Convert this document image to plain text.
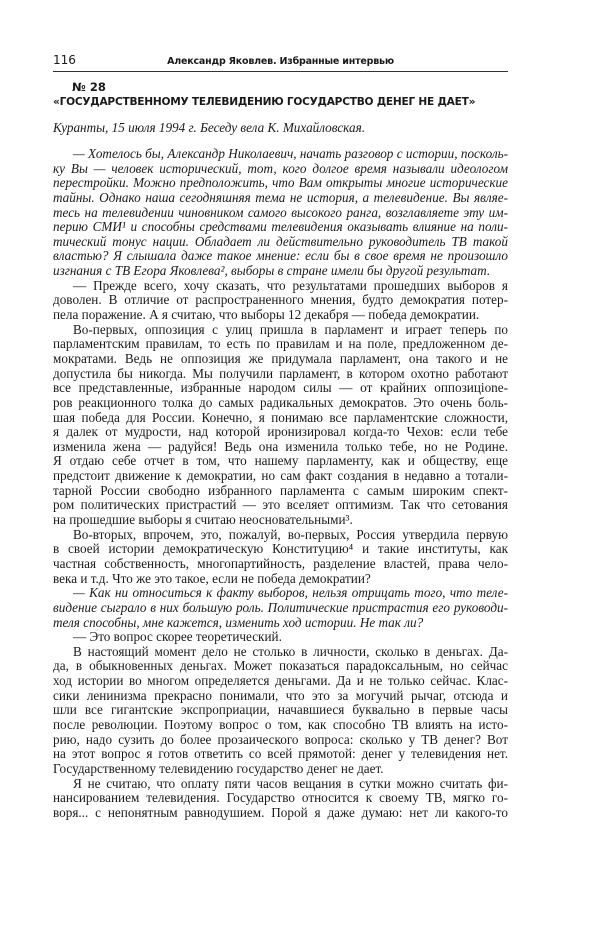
116	Александр Яковлев. Избранные интервью
№ 28
«ГОСУДАРСТВЕННОМУ ТЕЛЕВИДЕНИЮ ГОСУДАРСТВО ДЕНЕГ НЕ ДАЕТ»
Куранты, 15 июля 1994 г. Беседу вела К. Михайловская.
— Хотелось бы, Александр Николаевич, начать разговор с истории, посколь-
ку Вы — человек исторический, тот, кого долгое время называли идеологом
перестройки. Можно предположить, что Вам открыты многие исторические
тайны. Однако наша сегодняшняя тема не история, а телевидение. Вы являе-
тесь на телевидении чиновником самого высокого ранга, возглавляете эту им-
перию СМИ¹ и способны средствами телевидения оказывать влияние на поли-
тический тонус нации. Обладает ли действительно руководитель ТВ такой
властью? Я слышала даже такое мнение: если бы в свое время не произошло
изгнания с ТВ Егора Яковлева², выборы в стране имели бы другой результат.
— Прежде всего, хочу сказать, что результатами прошедших выборов я
доволен. В отличие от распространенного мнения, будто демократия потер-
пела поражение. А я считаю, что выборы 12 декабря — победа демократии.
Во-первых, оппозиция с улиц пришла в парламент и играет теперь по
парламентским правилам, то есть по правилам и на поле, предложенном де-
мократами. Ведь не оппозиция же придумала парламент, она такого и не
допустила бы никогда. Мы получили парламент, в котором охотно работают
все представленные, избранные народом силы — от крайних оппозицione-
ров реакционного толка до самых радикальных демократов. Это очень боль-
шая победа для России. Конечно, я понимаю все парламентские сложности,
я далек от мудрости, над которой иронизировал когда-то Чехов: если тебе
изменила жена — радуйся! Ведь она изменила только тебе, но не Родине.
Я отдаю себе отчет в том, что нашему парламенту, как и обществу, еще
предстоит движение к демократии, но сам факт создания в недавно a тотали-
тарной России свободно избранного парламента с самым широким спект-
ром политических пристрастий — это вселяет оптимизм. Так что сетования
на прошедшие выборы я считаю неосновательными³.
Во-вторых, впрочем, это, пожалуй, во-первых, Россия утвердила первую
в своей истории демократическую Конституцию⁴ и такие институты, как
частная собственность, многопартийность, разделение властей, права чело-
века и т.д. Что же это такое, если не победа демократии?
— Как ни относиться к факту выборов, нельзя отрицать того, что теле-
видение сыграло в них большую роль. Политические пристрастия его руководи-
теля способны, мне кажется, изменить ход истории. Не так ли?
— Это вопрос скорее теоретический.
В настоящий момент дело не столько в личности, сколько в деньгах. Да-
да, в обыкновенных деньгах. Может показаться парадоксальным, но сейчас
ход истории во многом определяется деньгами. Да и не только сейчас. Клас-
сики ленинизма прекрасно понимали, что это за могучий рычаг, отсюда и
шли все гигантские экспроприации, начавшиеся буквально в первые часы
после революции. Поэтому вопрос о том, как способно ТВ влиять на исто-
рию, надо сузить до более прозаического вопроса: сколько у ТВ денег? Вот
на этот вопрос я готов ответить со всей прямотой: денег у телевидения нет.
Государственному телевидению государство денег не дает.
Я не считаю, что оплату пяти часов вещания в сутки можно считать фи-
нансированием телевидения. Государство относится к своему ТВ, мягко го-
воря... с непонятным равнодушием. Порой я даже думаю: нет ли какого-то
